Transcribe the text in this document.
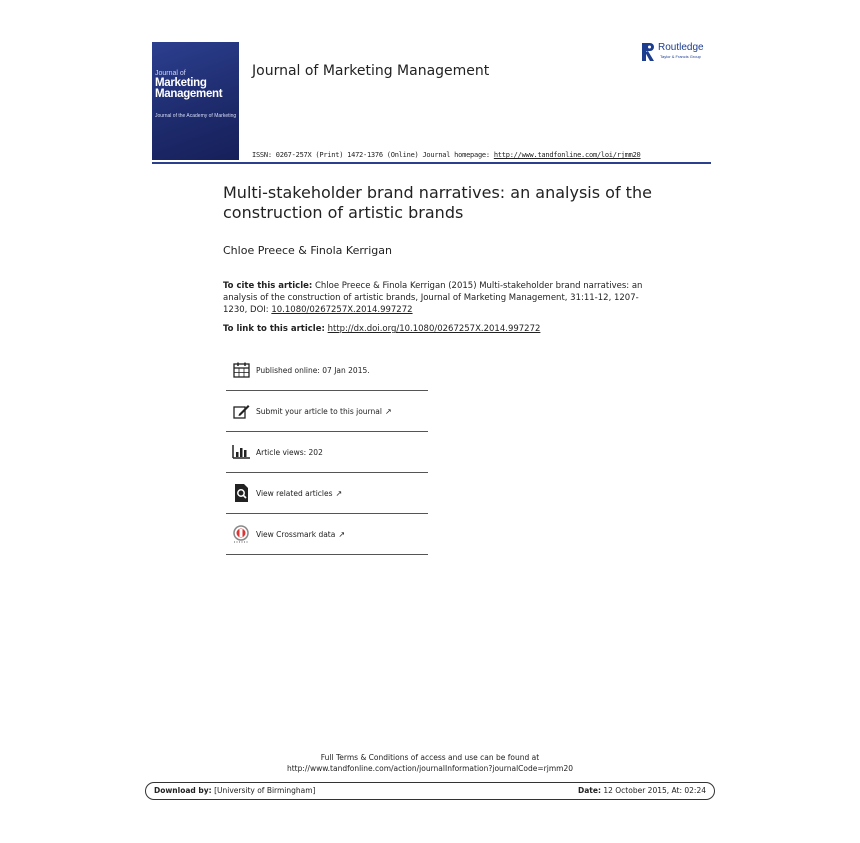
Journal of
Marketing
Management
Journal of the Academy of Marketing
Journal of Marketing Management
Routledge
Taylor & Francis Group
ISSN: 0267-257X (Print) 1472-1376 (Online) Journal homepage: http://www.tandfonline.com/loi/rjmm20
Multi-stakeholder brand narratives: an analysis of the construction of artistic brands
Chloe Preece & Finola Kerrigan
To cite this article: Chloe Preece & Finola Kerrigan (2015) Multi-stakeholder brand narratives: an analysis of the construction of artistic brands, Journal of Marketing Management, 31:11-12, 1207-1230, DOI: 10.1080/0267257X.2014.997272
To link to this article: http://dx.doi.org/10.1080/0267257X.2014.997272
Published online: 07 Jan 2015.
Submit your article to this journal ↗
Article views: 202
View related articles ↗
View Crossmark data ↗
Full Terms & Conditions of access and use can be found at
http://www.tandfonline.com/action/journalInformation?journalCode=rjmm20
Download by: [University of Birmingham]	Date: 12 October 2015, At: 02:24
